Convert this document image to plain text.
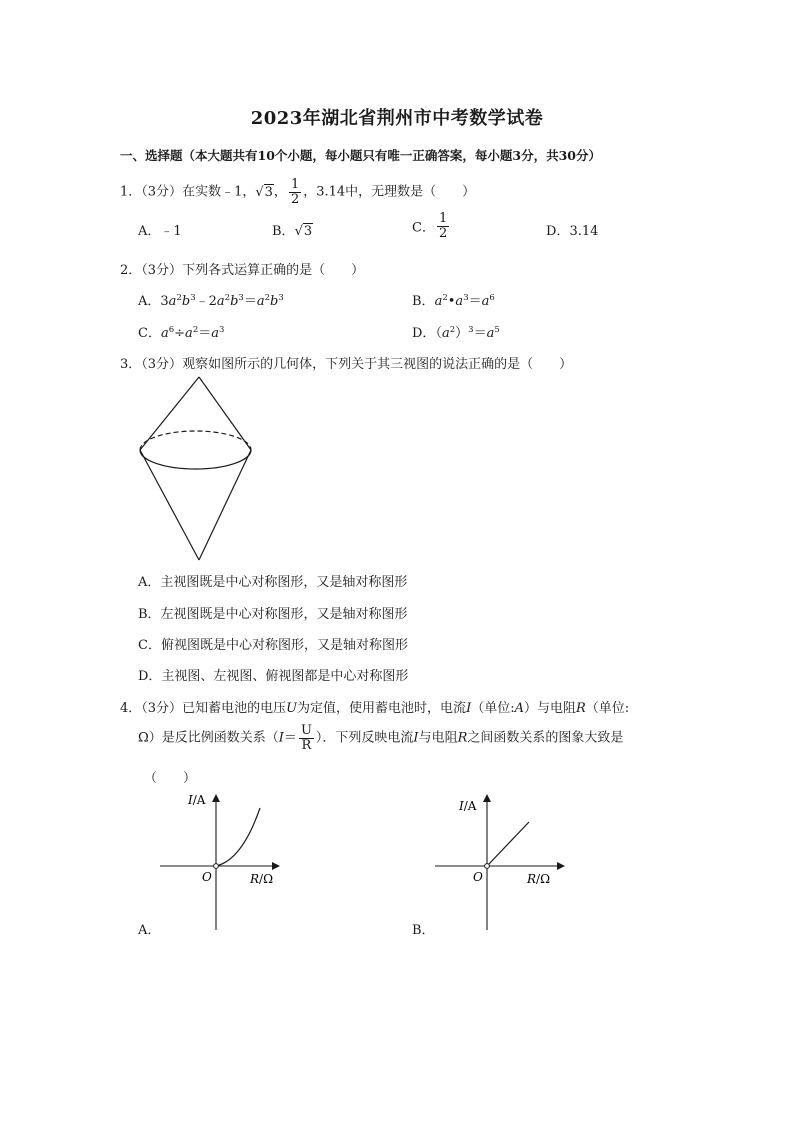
2023年湖北省荆州市中考数学试卷
一、选择题（本大题共有10个小题，每小题只有唯一正确答案，每小题3分，共30分）
1．（3分）在实数﹣1，√3， $\frac{1}{2}$ ，3.14中，无理数是（　　）
A．﹣1	B．√3	C． $\frac{1}{2}$	D．3.14
2．（3分）下列各式运算正确的是（　　）
A．$3a^2b^3﹣2a^2b^3=a^2b^3$	B．$a^2•a^3=a^6$
C．$a^6\div a^2=a^3$	D．$(a^2)^3=a^5$
3．（3分）观察如图所示的几何体，下列关于其三视图的说法正确的是（　　）
A．主视图既是中心对称图形，又是轴对称图形
B．左视图既是中心对称图形，又是轴对称图形
C．俯视图既是中心对称图形，又是轴对称图形
D．主视图、左视图、俯视图都是中心对称图形
4．（3分）已知蓄电池的电压U为定值，使用蓄电池时，电流I（单位:A）与电阻R（单位:
Ω）是反比例函数关系（$I= \frac{U}{R}$ ）．下列反映电流I与电阻R之间函数关系的图象大致是
（　　）
I/A
O	R/Ω
A．
I/A
O	R/Ω
B．
